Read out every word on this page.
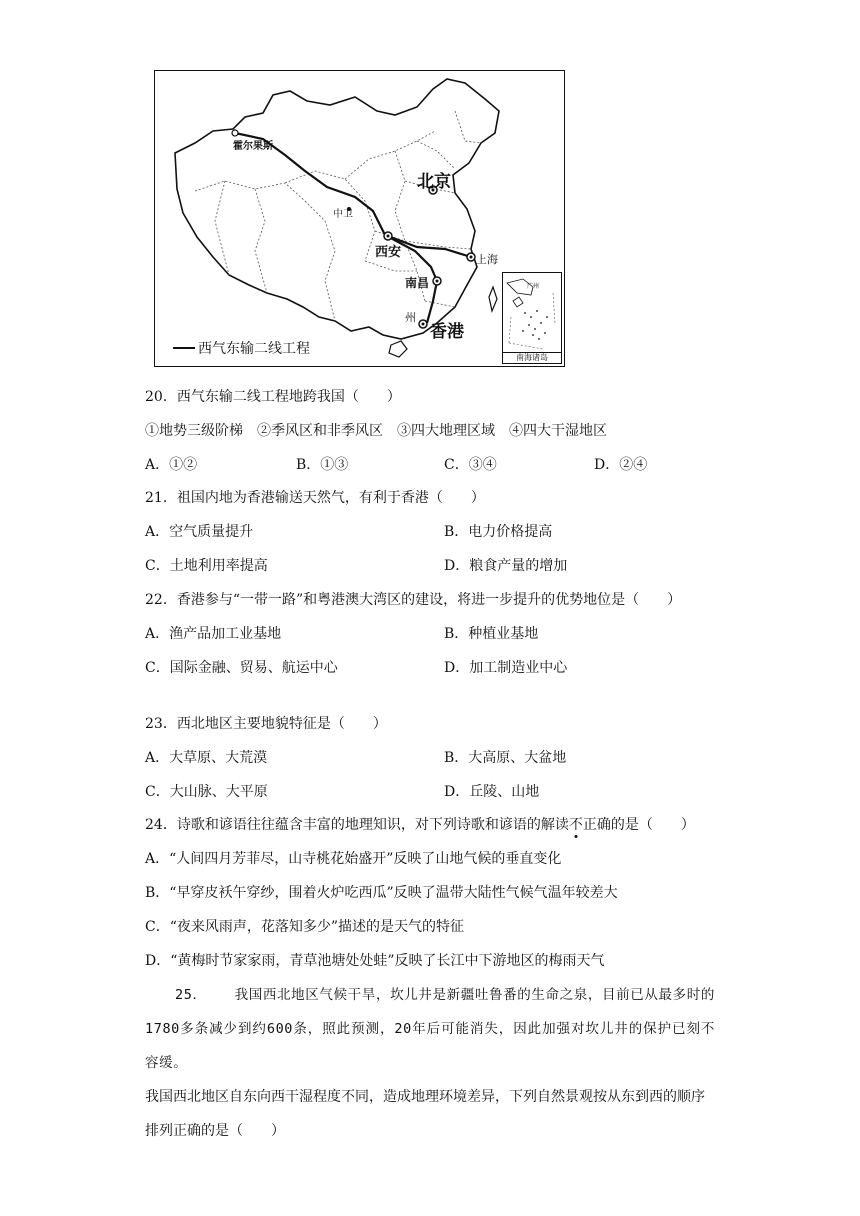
霍尔果斯
北京
中卫
西安	上海
南昌
州
香港
广州
南海诸岛
西气东输二线工程
20．西气东输二线工程地跨我国（　　）
①地势三级阶梯　②季风区和非季风区　③四大地理区域　④四大干湿地区
A．①②	B．①③	C．③④	D．②④
21．祖国内地为香港输送天然气，有利于香港（　　）
A．空气质量提升	B．电力价格提高
C．土地利用率提高	D．粮食产量的增加
22．香港参与“一带一路”和粤港澳大湾区的建设，将进一步提升的优势地位是（　　）
A．渔产品加工业基地	B．种植业基地
C．国际金融、贸易、航运中心	D．加工制造业中心
23．西北地区主要地貌特征是（　　）
A．大草原、大荒漠	B．大高原、大盆地
C．大山脉、大平原	D．丘陵、山地
24．诗歌和谚语往往蕴含丰富的地理知识，对下列诗歌和谚语的解读不正确的是（　　）
A．“人间四月芳菲尽，山寺桃花始盛开”反映了山地气候的垂直变化
B．“早穿皮袄午穿纱，围着火炉吃西瓜”反映了温带大陆性气候气温年较差大
C．“夜来风雨声，花落知多少”描述的是天气的特征
D．“黄梅时节家家雨，青草池塘处处蛙”反映了长江中下游地区的梅雨天气
25． 我国西北地区气候干旱，坎儿井是新疆吐鲁番的生命之泉，目前已从最多时的1780多条减少到约600条，照此预测，20年后可能消失，因此加强对坎儿井的保护已刻不容缓。
我国西北地区自东向西干湿程度不同，造成地理环境差异，下列自然景观按从东到西的顺序排列正确的是（　　）
